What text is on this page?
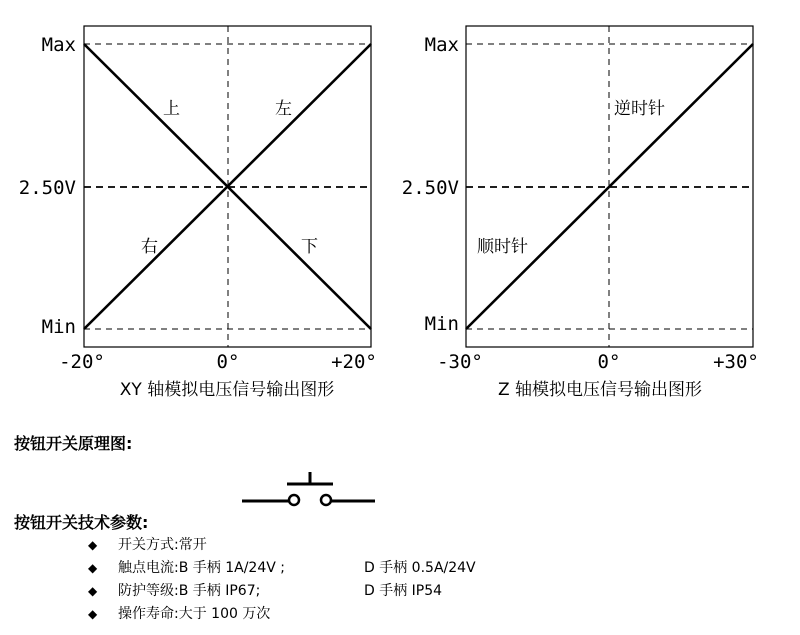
Max
2.50V
Min
-20°	0°	+20°
上	左
右	下
XY 轴模拟电压信号输出图形
Max
2.50V
Min
-30°	0°	+30°
逆时针
顺时针
Z 轴模拟电压信号输出图形
按钮开关原理图:
按钮开关技术参数:
◆ 开关方式:常开
◆ 触点电流:B 手柄 1A/24V ;	D 手柄 0.5A/24V
◆ 防护等级:B 手柄 IP67;	D 手柄 IP54
◆ 操作寿命:大于 100 万次
